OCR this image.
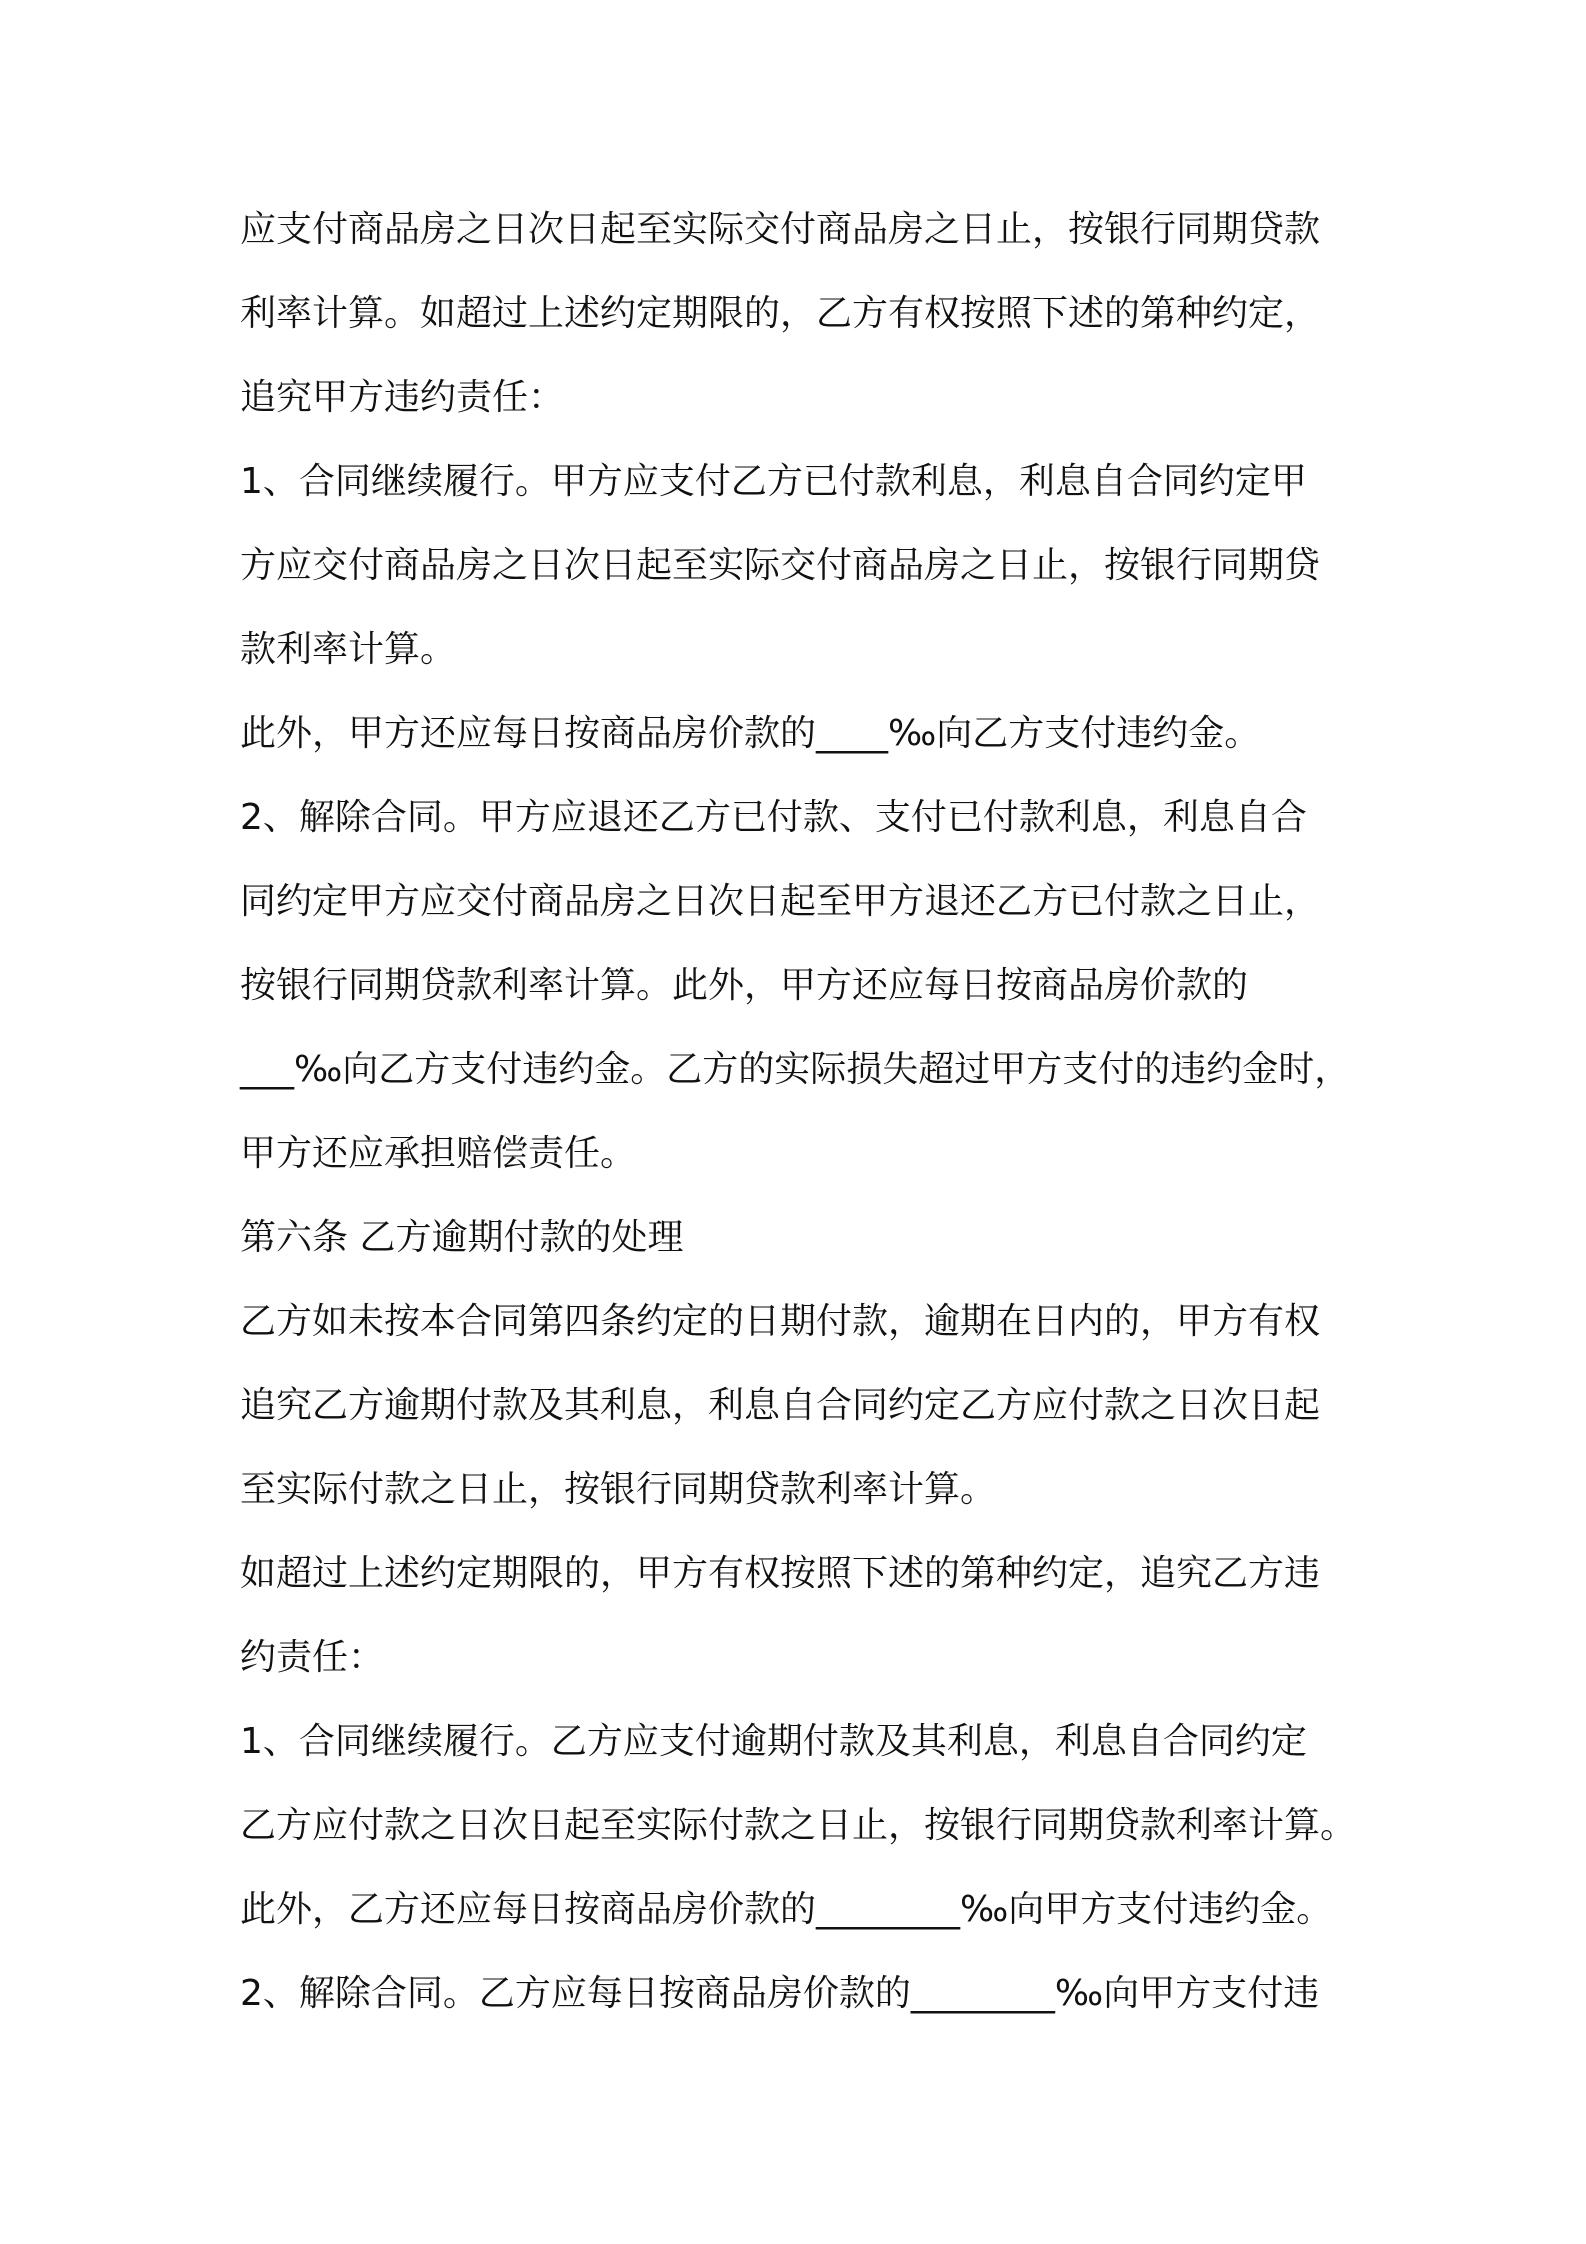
应支付商品房之日次日起至实际交付商品房之日止，按银行同期贷款
利率计算。如超过上述约定期限的，乙方有权按照下述的第种约定，
追究甲方违约责任：
1、合同继续履行。甲方应支付乙方已付款利息，利息自合同约定甲
方应交付商品房之日次日起至实际交付商品房之日止，按银行同期贷
款利率计算。
此外，甲方还应每日按商品房价款的____‰向乙方支付违约金。
2、解除合同。甲方应退还乙方已付款、支付已付款利息，利息自合
同约定甲方应交付商品房之日次日起至甲方退还乙方已付款之日止，
按银行同期贷款利率计算。此外，甲方还应每日按商品房价款的
___‰向乙方支付违约金。乙方的实际损失超过甲方支付的违约金时，
甲方还应承担赔偿责任。
第六条 乙方逾期付款的处理
乙方如未按本合同第四条约定的日期付款，逾期在日内的，甲方有权
追究乙方逾期付款及其利息，利息自合同约定乙方应付款之日次日起
至实际付款之日止，按银行同期贷款利率计算。
如超过上述约定期限的，甲方有权按照下述的第种约定，追究乙方违
约责任：
1、合同继续履行。乙方应支付逾期付款及其利息，利息自合同约定
乙方应付款之日次日起至实际付款之日止，按银行同期贷款利率计算。
此外，乙方还应每日按商品房价款的________‰向甲方支付违约金。
2、解除合同。乙方应每日按商品房价款的________‰向甲方支付违
